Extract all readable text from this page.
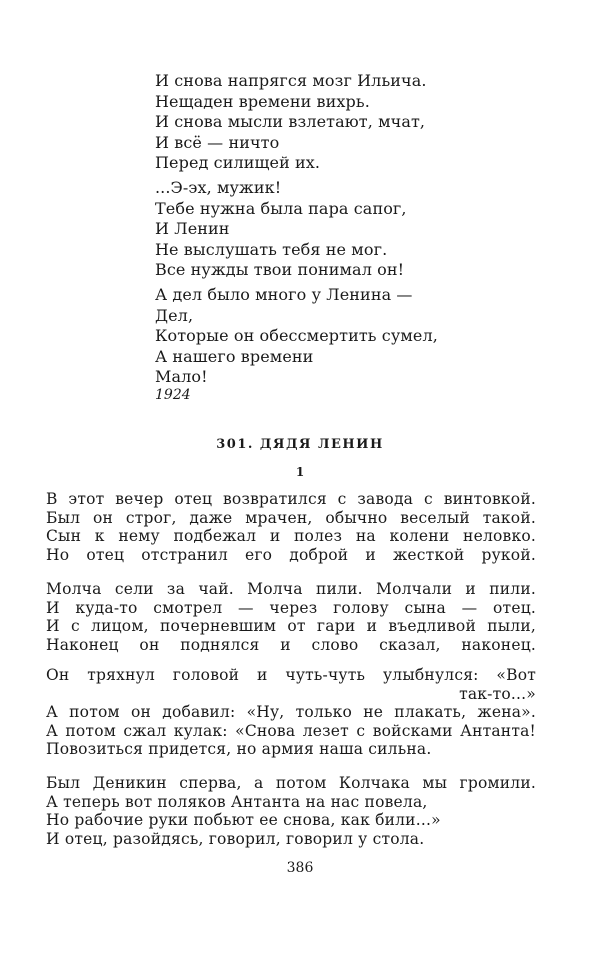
И снова напрягся мозг Ильича.
Нещаден времени вихрь.
И снова мысли взлетают, мчат,
И всё — ничто
Перед силищей их.
...Э-эх, мужик!
Тебе нужна была пара сапог,
И Ленин
Не выслушать тебя не мог.
Все нужды твои понимал он!
А дел было много у Ленина —
Дел,
Которые он обессмертить сумел,
А нашего времени
Мало!
1924
301. ДЯДЯ ЛЕНИН
1
В этот вечер отец возвратился с завода с винтовкой.
Был он строг, даже мрачен, обычно веселый такой.
Сын к нему подбежал и полез на колени неловко.
Но отец отстранил его доброй и жесткой рукой.
Молча сели за чай. Молча пили. Молчали и пили.
И куда-то смотрел — через голову сына — отец.
И с лицом, почерневшим от гари и въедливой пыли,
Наконец он поднялся и слово сказал, наконец.
Он тряхнул головой и чуть-чуть улыбнулся: «Вот
так-то...»
А потом он добавил: «Ну, только не плакать, жена».
А потом сжал кулак: «Снова лезет с войсками Антанта!
Повозиться придется, но армия наша сильна.
Был Деникин сперва, а потом Колчака мы громили.
А теперь вот поляков Антанта на нас повела,
Но рабочие руки побьют ее снова, как били...»
И отец, разойдясь, говорил, говорил у стола.
386
